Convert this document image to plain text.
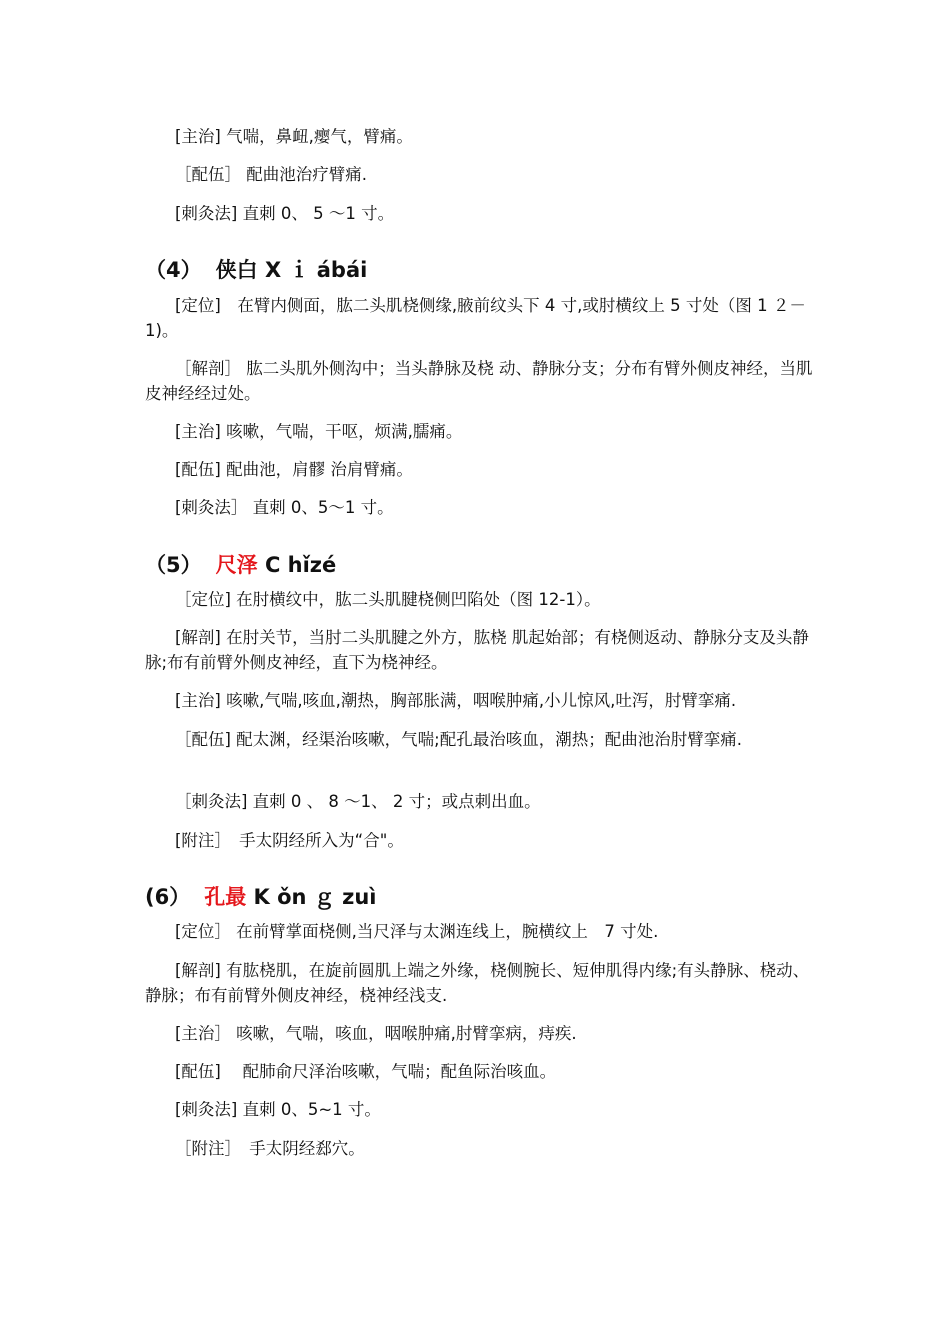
[主治] 气喘，鼻衄,瘿气，臂痛。

［配伍］ 配曲池治疗臂痛.

[刺灸法] 直刺 0、 5 ～1 寸。

（4） 侠白 X ｉ ábái

[定位]　在臂内侧面，肱二头肌桡侧缘,腋前纹头下 4 寸,或肘横纹上 5 寸处（图 1 ２－1)。

［解剖］ 肱二头肌外侧沟中；当头静脉及桡 动、静脉分支；分布有臂外侧皮神经，当肌皮神经经过处。

[主治] 咳嗽，气喘，干呕，烦满,臑痛。

[配伍] 配曲池，肩髎 治肩臂痛。

[刺灸法］ 直刺 0、5～1 寸。

（5） 尺泽 C hǐzé

［定位] 在肘横纹中，肱二头肌腱桡侧凹陷处（图 12-1）。

[解剖] 在肘关节，当肘二头肌腱之外方，肱桡 肌起始部；有桡侧返动、静脉分支及头静脉;布有前臂外侧皮神经，直下为桡神经。

[主治] 咳嗽,气喘,咳血,潮热，胸部胀满，咽喉肿痛,小儿惊风,吐泻，肘臂挛痛.

［配伍] 配太渊，经渠治咳嗽，气喘;配孔最治咳血，潮热；配曲池治肘臂挛痛.

［刺灸法] 直刺 0 、 8 ～1、 2 寸；或点刺出血。

[附注］　手太阴经所入为“合"。

(6） 孔最 K ǒn ｇ zuì

[定位］ 在前臂掌面桡侧,当尺泽与太渊连线上，腕横纹上　7 寸处.

[解剖] 有肱桡肌，在旋前圆肌上端之外缘，桡侧腕长、短伸肌得内缘;有头静脉、桡动、静脉；布有前臂外侧皮神经，桡神经浅支.

[主治］ 咳嗽，气喘，咳血，咽喉肿痛,肘臂挛病，痔疾.

[配伍]　 配肺俞尺泽治咳嗽，气喘；配鱼际治咳血。

[刺灸法] 直刺 0、5~1 寸。

［附注］　手太阴经郄穴。
